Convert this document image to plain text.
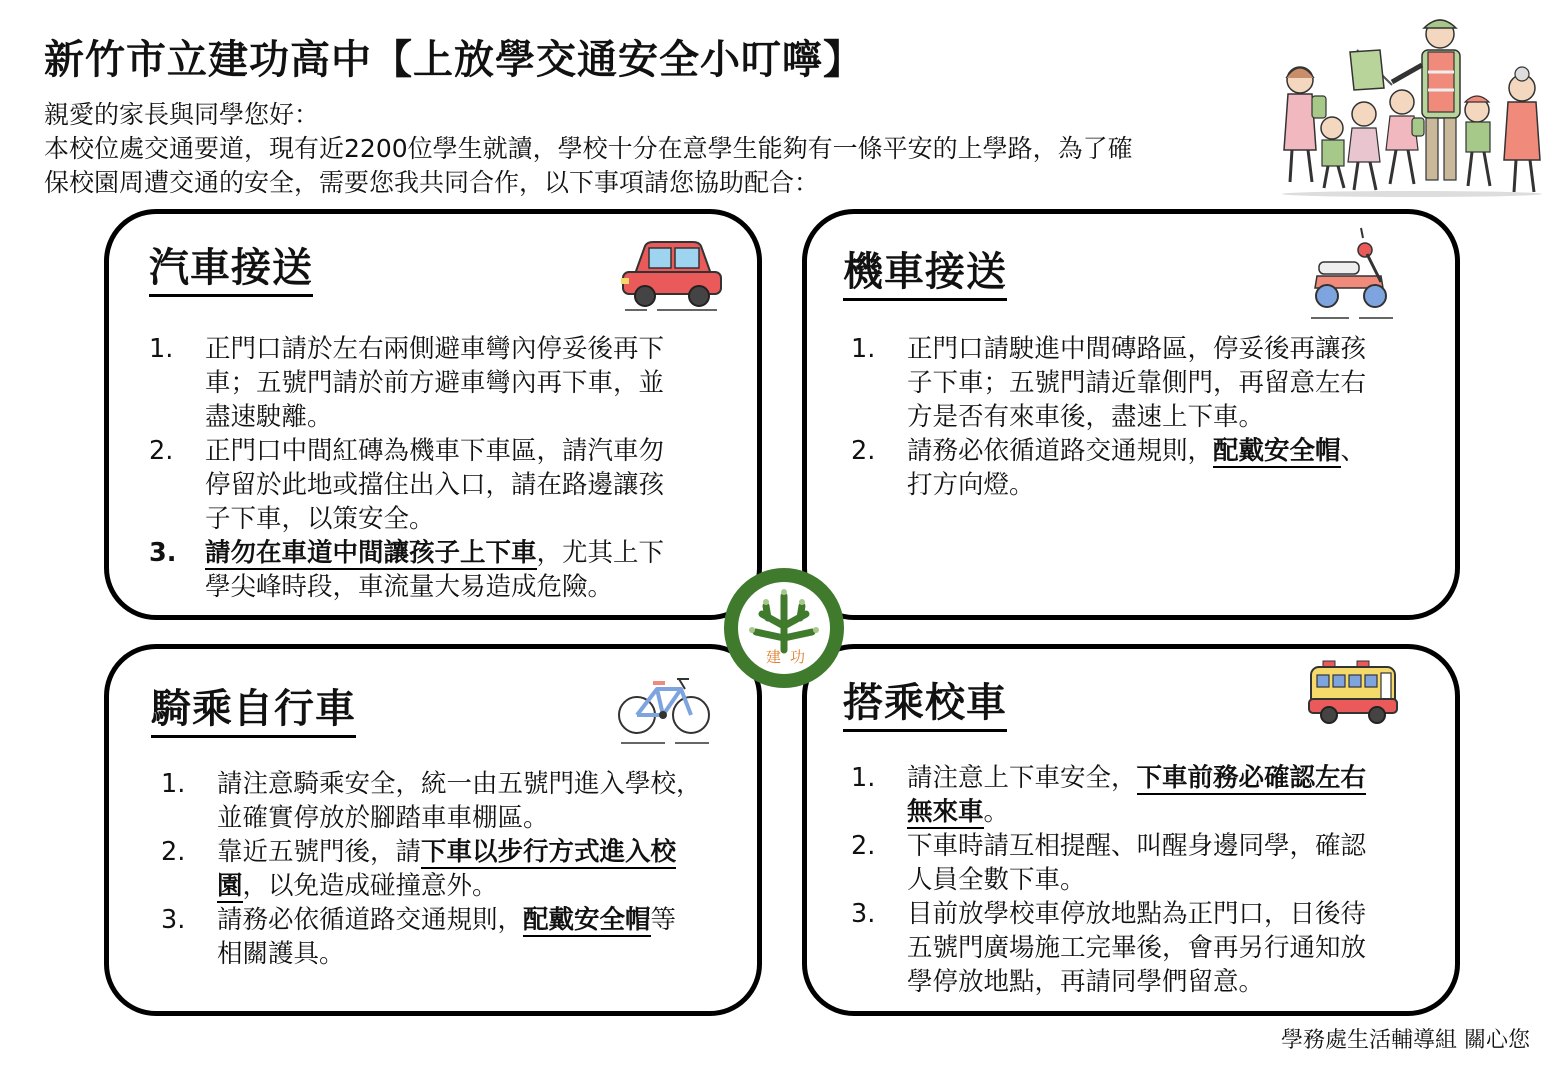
新竹市立建功高中【上放學交通安全小叮嚀】

親愛的家長與同學您好：

本校位處交通要道，現有近2200位學生就讀，學校十分在意學生能夠有一條平安的上學路，為了確

保校園周遭交通的安全，需要您我共同合作，以下事項請您協助配合：

汽車接送
1. 正門口請於左右兩側避車彎內停妥後再下
車；五號門請於前方避車彎內再下車，並
盡速駛離。
2. 正門口中間紅磚為機車下車區，請汽車勿
停留於此地或擋住出入口，請在路邊讓孩
子下車，以策安全。
3. 請勿在車道中間讓孩子上下車，尤其上下
學尖峰時段，車流量大易造成危險。
機車接送
1. 正門口請駛進中間磚路區，停妥後再讓孩
子下車；五號門請近靠側門，再留意左右
方是否有來車後，盡速上下車。
2. 請務必依循道路交通規則，配戴安全帽、
打方向燈。
騎乘自行車
1. 請注意騎乘安全，統一由五號門進入學校，
並確實停放於腳踏車車棚區。
2. 靠近五號門後，請下車以步行方式進入校
園，以免造成碰撞意外。
3. 請務必依循道路交通規則，配戴安全帽等
相關護具。
搭乘校車
1. 請注意上下車安全，下車前務必確認左右
無來車。
2. 下車時請互相提醒、叫醒身邊同學，確認
人員全數下車。
3. 目前放學校車停放地點為正門口，日後待
五號門廣場施工完畢後，會再另行通知放
學停放地點，再請同學們留意。
建 功
學務處生活輔導組 關心您
